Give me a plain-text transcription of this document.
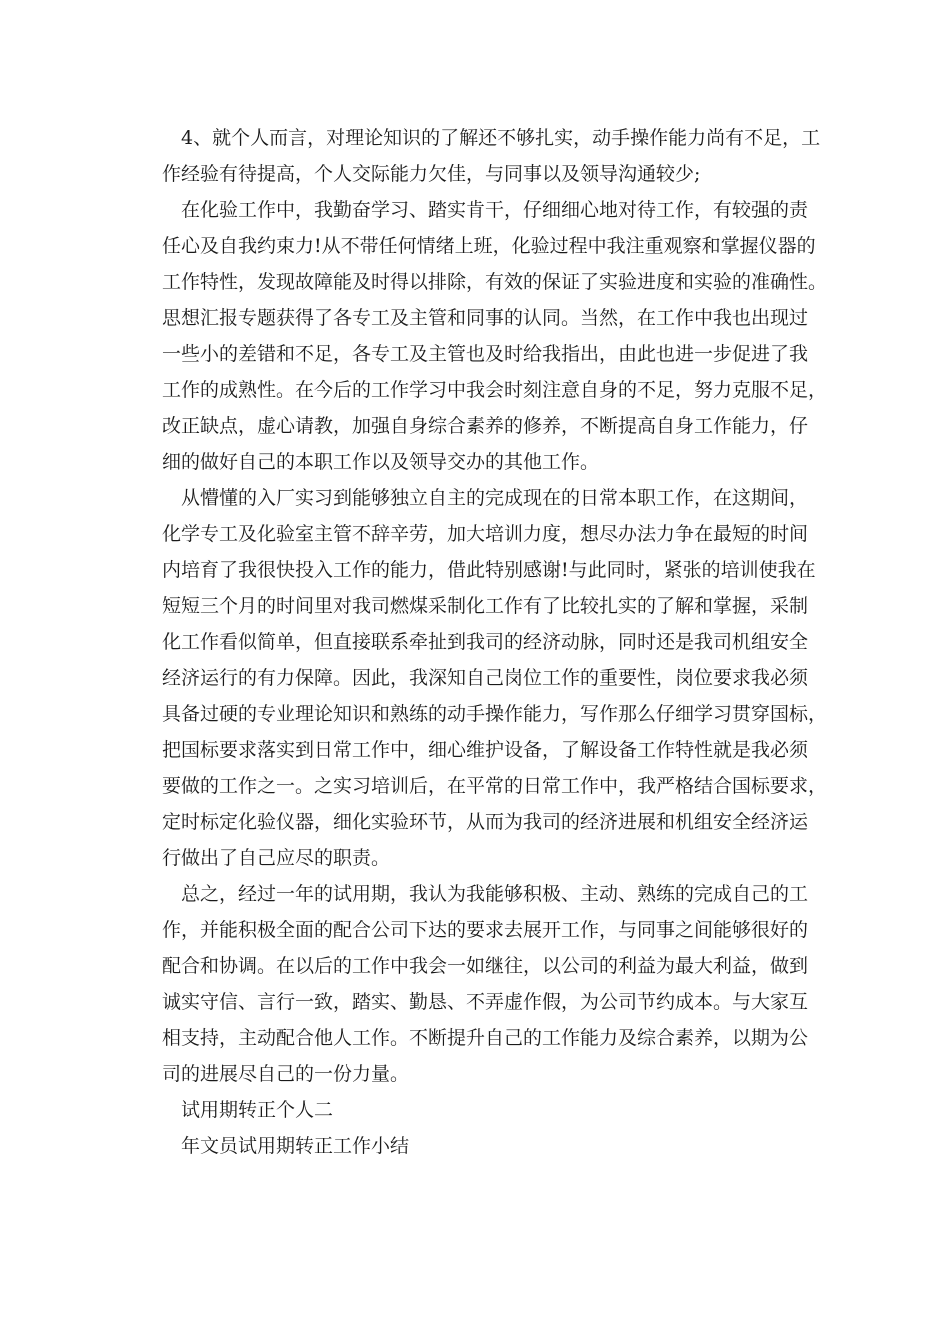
4、就个人而言，对理论知识的了解还不够扎实，动手操作能力尚有不足，工
作经验有待提高，个人交际能力欠佳，与同事以及领导沟通较少;
在化验工作中，我勤奋学习、踏实肯干，仔细细心地对待工作，有较强的责
任心及自我约束力!从不带任何情绪上班，化验过程中我注重观察和掌握仪器的
工作特性，发现故障能及时得以排除，有效的保证了实验进度和实验的准确性。
思想汇报专题获得了各专工及主管和同事的认同。当然，在工作中我也出现过
一些小的差错和不足，各专工及主管也及时给我指出，由此也进一步促进了我
工作的成熟性。在今后的工作学习中我会时刻注意自身的不足，努力克服不足，
改正缺点，虚心请教，加强自身综合素养的修养，不断提高自身工作能力，仔
细的做好自己的本职工作以及领导交办的其他工作。
从懵懂的入厂实习到能够独立自主的完成现在的日常本职工作，在这期间，
化学专工及化验室主管不辞辛劳，加大培训力度，想尽办法力争在最短的时间
内培育了我很快投入工作的能力，借此特别感谢!与此同时，紧张的培训使我在
短短三个月的时间里对我司燃煤采制化工作有了比较扎实的了解和掌握，采制
化工作看似简单，但直接联系牵扯到我司的经济动脉，同时还是我司机组安全
经济运行的有力保障。因此，我深知自己岗位工作的重要性，岗位要求我必须
具备过硬的专业理论知识和熟练的动手操作能力，写作那么仔细学习贯穿国标，
把国标要求落实到日常工作中，细心维护设备，了解设备工作特性就是我必须
要做的工作之一。之实习培训后，在平常的日常工作中，我严格结合国标要求，
定时标定化验仪器，细化实验环节，从而为我司的经济进展和机组安全经济运
行做出了自己应尽的职责。
总之，经过一年的试用期，我认为我能够积极、主动、熟练的完成自己的工
作，并能积极全面的配合公司下达的要求去展开工作，与同事之间能够很好的
配合和协调。在以后的工作中我会一如继往，以公司的利益为最大利益，做到
诚实守信、言行一致，踏实、勤恳、不弄虚作假，为公司节约成本。与大家互
相支持，主动配合他人工作。不断提升自己的工作能力及综合素养，以期为公
司的进展尽自己的一份力量。
试用期转正个人二
年文员试用期转正工作小结
